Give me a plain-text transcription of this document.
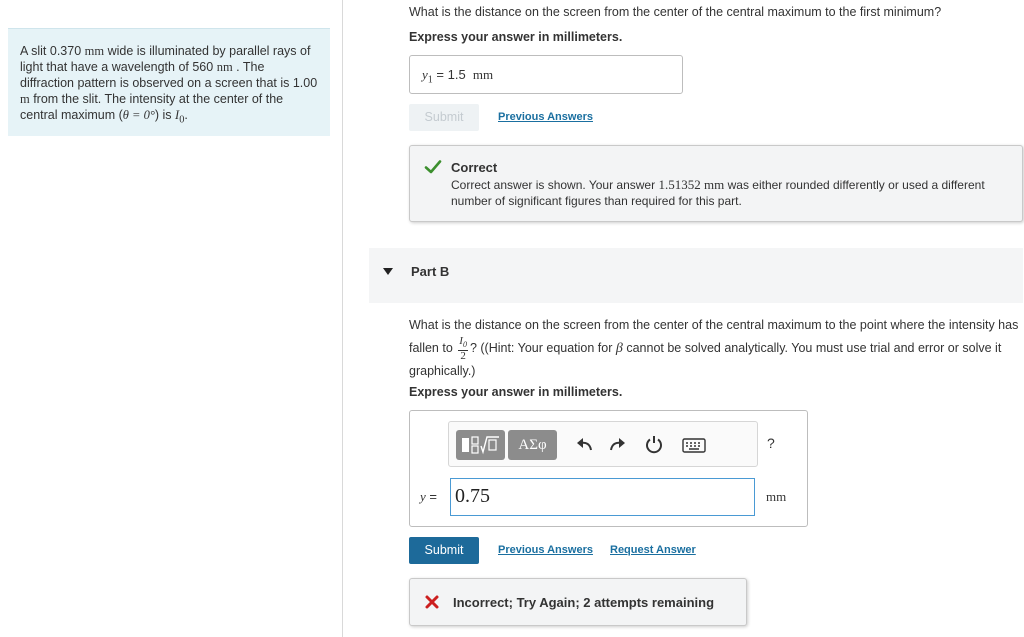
A slit 0.370 mm wide is illuminated by parallel rays of light that have a wavelength of 560 nm . The diffraction pattern is observed on a screen that is 1.00 m from the slit. The intensity at the center of the central maximum (θ = 0°) is $I_0$.
What is the distance on the screen from the center of the central maximum to the first minimum?
Express your answer in millimeters.
$y_1 = 1.5$ mm
Submit	Previous Answers
Correct
Correct answer is shown. Your answer 1.51352 mm was either rounded differently or used a different number of significant figures than required for this part.
Part B
What is the distance on the screen from the center of the central maximum to the point where the intensity has fallen to $\frac{I_0}{2}$ ? ((Hint: Your equation for β cannot be solved analytically. You must use trial and error or solve it graphically.)
Express your answer in millimeters.
ΑΣφ	?
y = 0.75	mm
Submit	Previous Answers Request Answer
Incorrect; Try Again; 2 attempts remaining
